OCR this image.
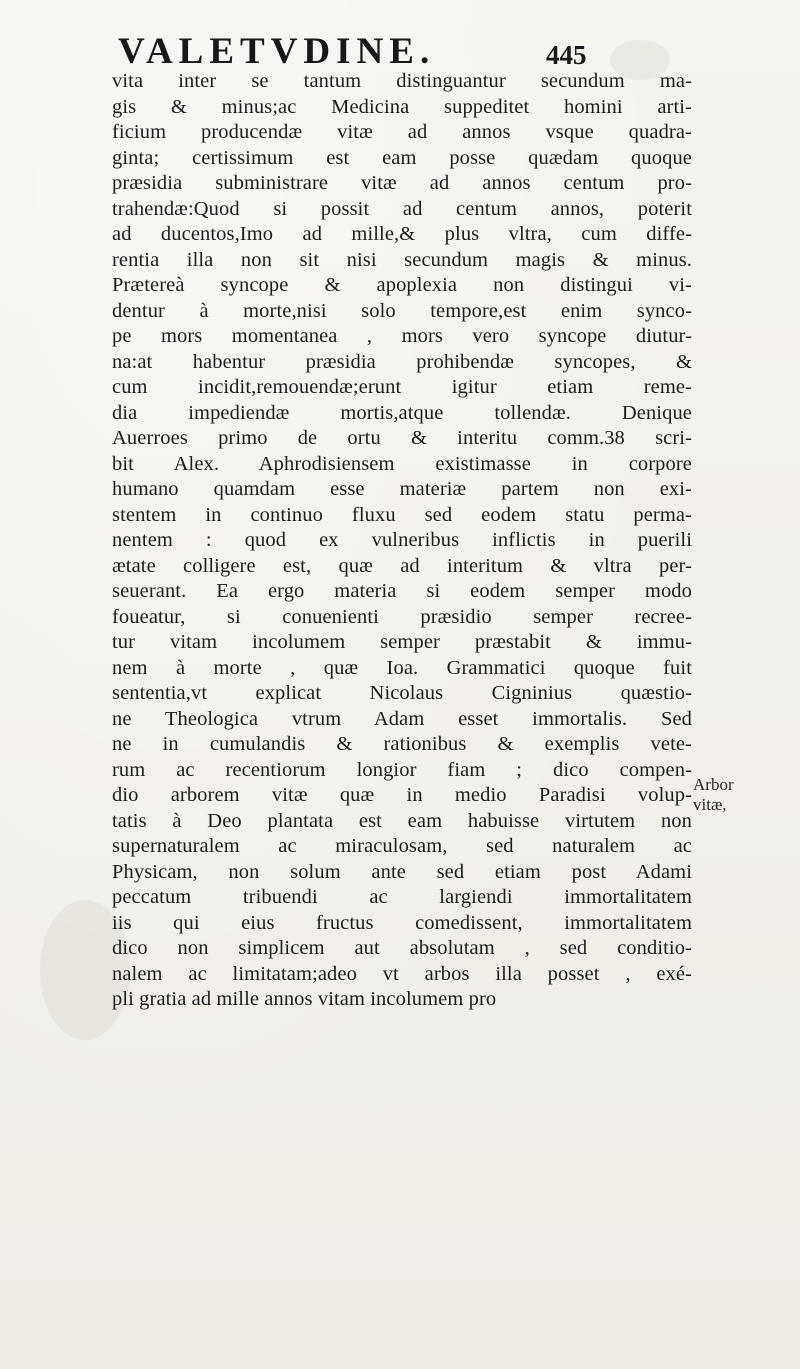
VALETVDINE.	445
vita inter se tantum distinguantur secundum ma-
gis & minus;ac Medicina suppeditet homini arti-
ficium producendæ vitæ ad annos vsque quadra-
ginta; certissimum est eam posse quædam quoque
præsidia subministrare vitæ ad annos centum pro-
trahendæ:Quod si possit ad centum annos, poterit
ad ducentos,Imo ad mille,& plus vltra, cum diffe-
rentia illa non sit nisi secundum magis & minus.
Prætereà syncope & apoplexia non distingui vi-
dentur à morte,nisi solo tempore,est enim synco-
pe mors momentanea , mors vero syncope diutur-
na:at habentur præsidia prohibendæ syncopes, &
cum incidit,remouendæ;erunt igitur etiam reme-
dia impediendæ mortis,atque tollendæ. Denique
Auerroes primo de ortu & interitu comm.38 scri-
bit Alex. Aphrodisiensem existimasse in corpore
humano quamdam esse materiæ partem non exi-
stentem in continuo fluxu sed eodem statu perma-
nentem : quod ex vulneribus inflictis in puerili
ætate colligere est, quæ ad interitum & vltra per-
seuerant. Ea ergo materia si eodem semper modo
foueatur, si conuenienti præsidio semper recree-
tur vitam incolumem semper præstabit & immu-
nem à morte , quæ Ioa. Grammatici quoque fuit
sententia,vt explicat Nicolaus Cigninius quæstio-
ne Theologica vtrum Adam esset immortalis. Sed
ne in cumulandis & rationibus & exemplis vete-
rum ac recentiorum longior fiam ; dico compen-
dio arborem vitæ quæ in medio Paradisi volup-
tatis à Deo plantata est eam habuisse virtutem non
supernaturalem ac miraculosam, sed naturalem ac
Physicam, non solum ante sed etiam post Adami
peccatum tribuendi ac largiendi immortalitatem
iis qui eius fructus comedissent, immortalitatem
dico non simplicem aut absolutam , sed conditio-
nalem ac limitatam;adeo vt arbos illa posset , exé-
pli gratia ad mille annos vitam incolumem pro
Arbor
vitæ,
